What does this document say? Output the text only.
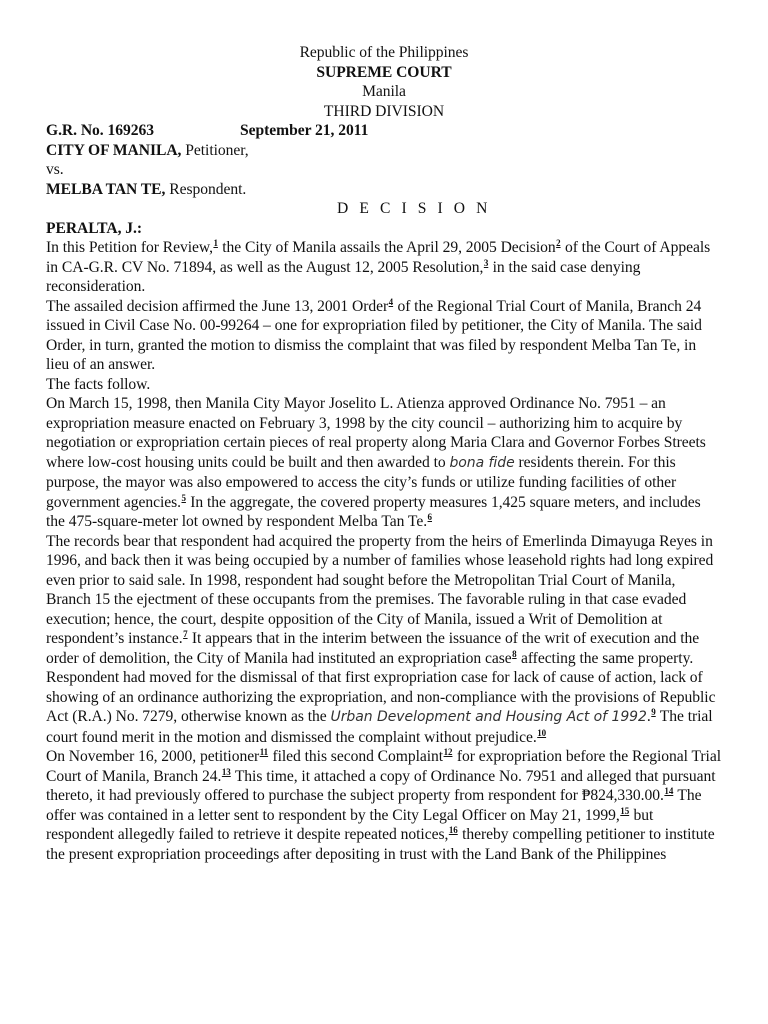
Republic of the Philippines
SUPREME COURT
Manila
THIRD DIVISION
G.R. No. 169263	September 21, 2011
CITY OF MANILA, Petitioner,
vs.
MELBA TAN TE, Respondent.
D E C I S I O N
PERALTA, J.:

In this Petition for Review,$^1$ the City of Manila assails the April 29, 2005 Decision$^2$ of the Court of Appeals in CA-G.R. CV No. 71894, as well as the August 12, 2005 Resolution,$^3$ in the said case denying reconsideration.

The assailed decision affirmed the June 13, 2001 Order$^4$ of the Regional Trial Court of Manila, Branch 24 issued in Civil Case No. 00-99264 – one for expropriation filed by petitioner, the City of Manila. The said Order, in turn, granted the motion to dismiss the complaint that was filed by respondent Melba Tan Te, in lieu of an answer.

The facts follow.

On March 15, 1998, then Manila City Mayor Joselito L. Atienza approved Ordinance No. 7951 – an expropriation measure enacted on February 3, 1998 by the city council – authorizing him to acquire by negotiation or expropriation certain pieces of real property along Maria Clara and Governor Forbes Streets where low-cost housing units could be built and then awarded to bona fide residents therein. For this purpose, the mayor was also empowered to access the city’s funds or utilize funding facilities of other government agencies.$^5$ In the aggregate, the covered property measures 1,425 square meters, and includes the 475-square-meter lot owned by respondent Melba Tan Te.$^6$

The records bear that respondent had acquired the property from the heirs of Emerlinda Dimayuga Reyes in 1996, and back then it was being occupied by a number of families whose leasehold rights had long expired even prior to said sale. In 1998, respondent had sought before the Metropolitan Trial Court of Manila, Branch 15 the ejectment of these occupants from the premises. The favorable ruling in that case evaded execution; hence, the court, despite opposition of the City of Manila, issued a Writ of Demolition at respondent’s instance.$^7$ It appears that in the interim between the issuance of the writ of execution and the order of demolition, the City of Manila had instituted an expropriation case$^8$ affecting the same property. Respondent had moved for the dismissal of that first expropriation case for lack of cause of action, lack of showing of an ordinance authorizing the expropriation, and non-compliance with the provisions of Republic Act (R.A.) No. 7279, otherwise known as the Urban Development and Housing Act of 1992.$^9$ The trial court found merit in the motion and dismissed the complaint without prejudice.$^{10}$

On November 16, 2000, petitioner$^{11}$ filed this second Complaint$^{12}$ for expropriation before the Regional Trial Court of Manila, Branch 24.13 This time, it attached a copy of Ordinance No. 7951 and alleged that pursuant thereto, it had previously offered to purchase the subject property from respondent for ₱824,330.00.14 The offer was contained in a letter sent to respondent by the City Legal Officer on May 21, 1999,15 but respondent allegedly failed to retrieve it despite repeated notices,$^{16}$ thereby compelling petitioner to institute the present expropriation proceedings after depositing in trust with the Land Bank of the Philippines
